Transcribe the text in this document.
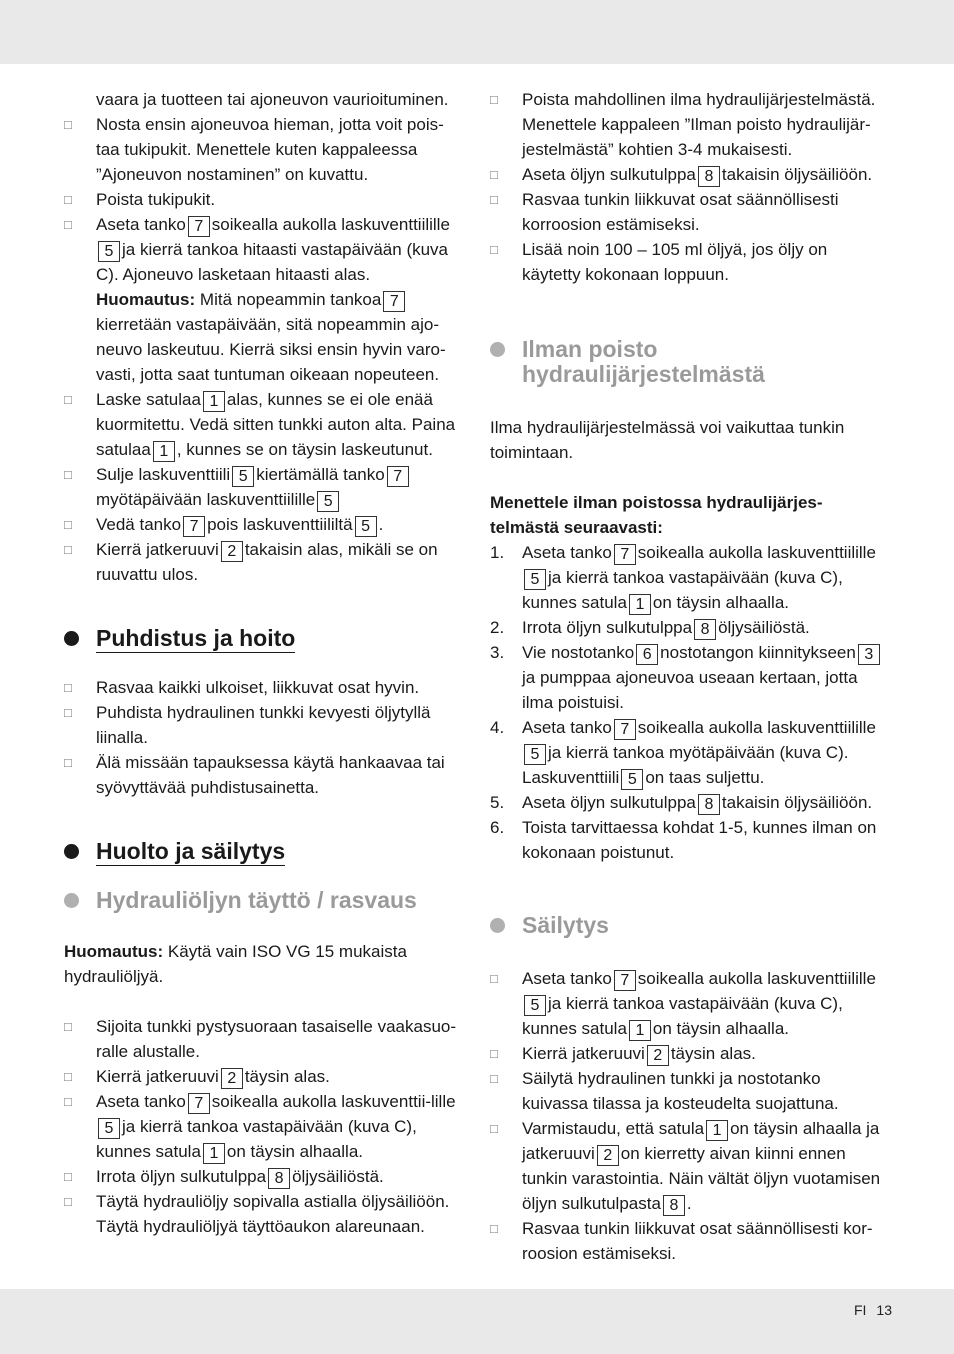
vaara ja tuotteen tai ajoneuvon vaurioituminen.
□	Nosta ensin ajoneuvoa hieman, jotta voit pois-taa tukipukit. Menettele kuten kappaleessa ”Ajoneuvon nostaminen” on kuvattu.
□	Poista tukipukit.
□	Aseta tanko 7 soikealla aukolla laskuventtiilille5 ja kierrä tankoa hitaasti vastapäivään (kuva C). Ajoneuvo lasketaan hitaasti alas.
Huomautus: Mitä nopeammin tankoa 7 kierretään vastapäivään, sitä nopeammin ajo-neuvo laskeutuu. Kierrä siksi ensin hyvin varo-vasti, jotta saat tuntuman oikeaan nopeuteen.
□	Laske satulaa 1 alas, kunnes se ei ole enää kuormitettu. Vedä sitten tunkki auton alta. Paina satulaa 1 , kunnes se on täysin laskeutunut.
□	Sulje laskuventtiili 5 kiertämällä tanko 7myötäpäivään laskuventtiilille 5
□	Vedä tanko 7 pois laskuventtiililtä 5 .
□	Kierrä jatkeruuvi 2 takaisin alas, mikäli se on ruuvattu ulos.
Puhdistus ja hoito
□	Rasvaa kaikki ulkoiset, liikkuvat osat hyvin.
□	Puhdista hydraulinen tunkki kevyesti öljytyllä liinalla.
□	Älä missään tapauksessa käytä hankaavaa tai syövyttävää puhdistusainetta.
Huolto ja säilytys
Hydrauliöljyn täyttö / rasvaus
Huomautus: Käytä vain ISO VG 15 mukaista hydrauliöljyä.
□	Sijoita tunkki pystysuoraan tasaiselle vaakasuo-ralle alustalle.
□	Kierrä jatkeruuvi 2 täysin alas.
□	Aseta tanko 7 soikealla aukolla laskuventtii-lille5 ja kierrä tankoa vastapäivään (kuva C), kunnes satula 1 on täysin alhaalla.
□	Irrota öljyn sulkutulppa 8 öljysäiliöstä.
□	Täytä hydrauliöljy sopivalla astialla öljysäiliöön. Täytä hydrauliöljyä täyttöaukon alareunaan.
□	Poista mahdollinen ilma hydraulijärjestelmästä. Menettele kappaleen ”Ilman poisto hydraulijär-jestelmästä” kohtien 3-4 mukaisesti.
□	Aseta öljyn sulkutulppa 8 takaisin öljysäiliöön.
□	Rasvaa tunkin liikkuvat osat säännöllisesti korroosion estämiseksi.
□	Lisää noin 100 – 105 ml öljyä, jos öljy on käytetty kokonaan loppuun.
Ilman poisto hydraulijärjestelmästä
Ilma hydraulijärjestelmässä voi vaikuttaa tunkin toimintaan.
Menettele ilman poistossa hydraulijärjes-telmästä seuraavasti:
1.	Aseta tanko 7 soikealla aukolla laskuventtiilille5 ja kierrä tankoa vastapäivään (kuva C), kunnes satula 1 on täysin alhaalla.
2.	Irrota öljyn sulkutulppa 8 öljysäiliöstä.
3.	Vie nostotanko 6 nostotangon kiinnitykseen 3ja pumppaa ajoneuvoa useaan kertaan, jotta ilma poistuisi.
4.	Aseta tanko 7 soikealla aukolla laskuventtiilille5 ja kierrä tankoa myötäpäivään (kuva C). Laskuventtiili 5 on taas suljettu.
5.	Aseta öljyn sulkutulppa 8 takaisin öljysäiliöön.
6.	Toista tarvittaessa kohdat 1-5, kunnes ilman on kokonaan poistunut.
Säilytys
□	Aseta tanko 7 soikealla aukolla laskuventtiilille5 ja kierrä tankoa vastapäivään (kuva C), kunnes satula 1 on täysin alhaalla.
□	Kierrä jatkeruuvi 2 täysin alas.
□	Säilytä hydraulinen tunkki ja nostotanko kuivassa tilassa ja kosteudelta suojattuna.
□	Varmistaudu, että satula 1 on täysin alhaalla ja jatkeruuvi 2 on kierretty aivan kiinni ennen tunkin varastointia. Näin vältät öljyn vuotamisen öljyn sulkutulpasta 8 .
□	Rasvaa tunkin liikkuvat osat säännöllisesti kor-roosion estämiseksi.
FI 13
